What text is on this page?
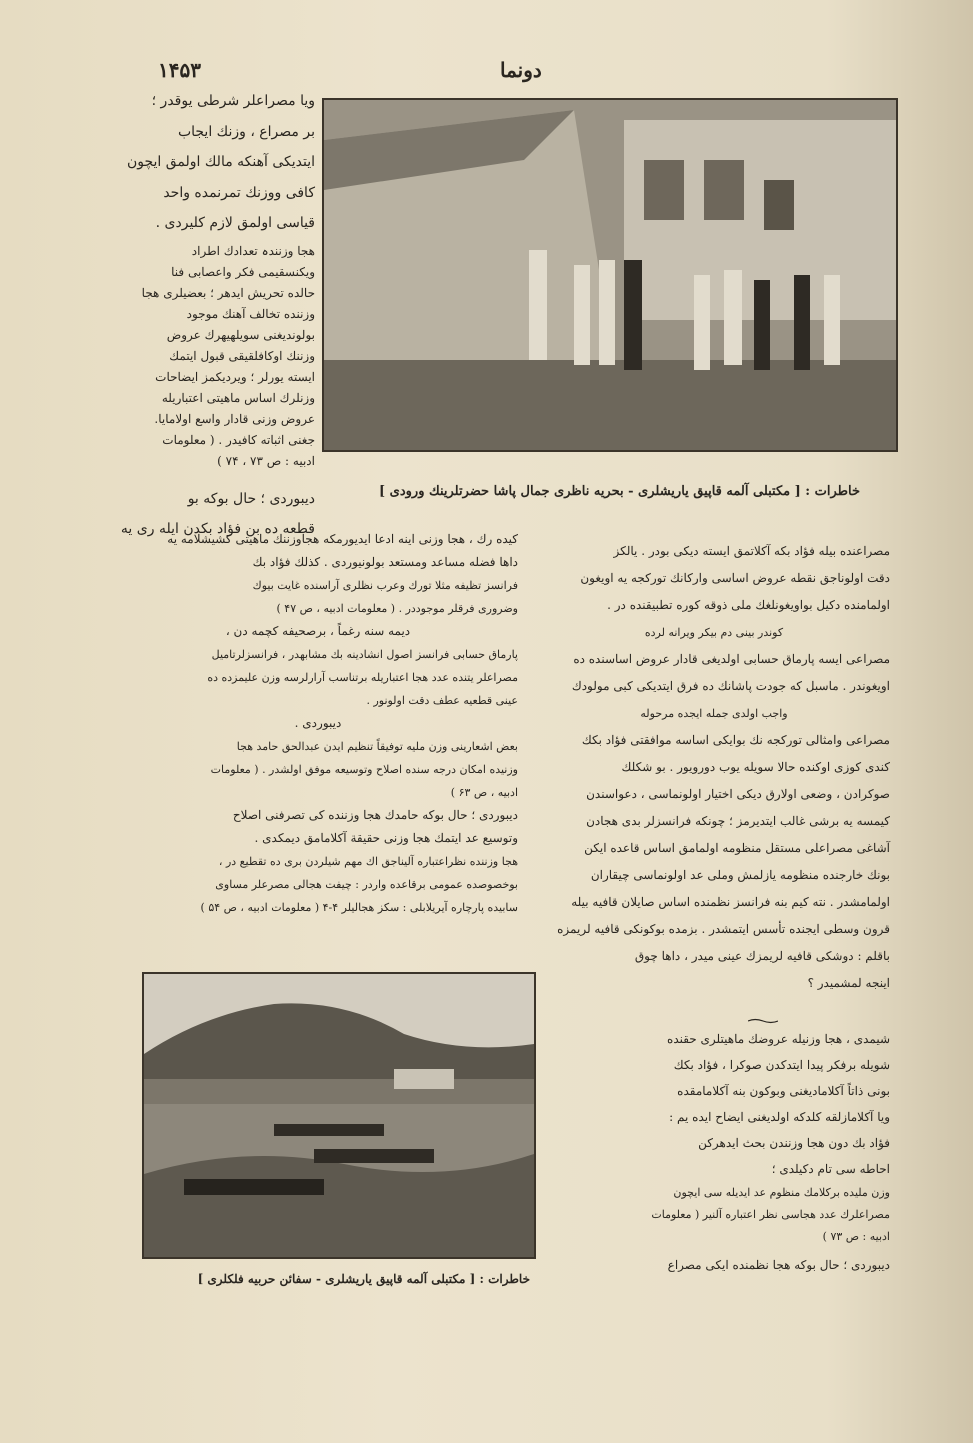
۱۴۵۳	دونما

ویا مصراعلر شرطی یوقدر ؛

بر مصراع ، وزنك ایجاب

ایتدیکی آهنکه مالك اولمق ایچون

کافی ووزنك تمرنمده واحد

قیاسی اولمق لازم کلیردی .

هجا وزنندہ تعدادك اطراد

ویکنسقیمی فکر واعصابی فنا

حالده تحریش ایدهر ؛ بعضیلری هجا

وزننده تخالف آهنك موجود

بولوندیغنی سویلهیهرك عروض

وزننك اوکافلقیقی قبول ایتمك

ایسته یورلر ؛ ویردیکمز ایضاحات

وزنلرك اساس ماهیتی اعتباریله

عروض وزنی قادار واسع اولامایا.

جغنی اثباته کافیدر . ( معلومات

ادبیه : ص ۷۳ ، ۷۴ )

دیبوردی ؛ حال بوکه بو

قطعه ده بن فؤاد بکدن ایله ری یه

خاطرات : [ مکتبلی آلمه قاپیق یاریشلری - بحریه ناظری جمال پاشا حضرتلرینك ورودی ]

کیده رك ، هجا وزنی اینه ادعا ایدیورمکه هجاوزننك ماهیتی کشیشلامه یه

داها فضله مساعد ومستعد بولونیوردی . کذلك فؤاد بك

فرانسز تظیفه مثلا تورك وعرب نظلری آراسنده غایت بیوك

وضروری فرقلر موجوددر . ( معلومات ادبیه ، ص ۴۷ )

دیمه سنه رغماً ، برصحیفه کچمه دن ،

پارماق حسابی فرانسز اصول انشادینه بك مشابهدر ، فرانسزلرتامیل

مصراعلر یتنده عدد هجا اعتباریله برتناسب آرارلرسه وزن علیمزده ده

عینی قطعیه عطف دقت اولونور .

دیبوردی .

بعض اشعارینی وزن ملیه توفیقاً تنظیم ایدن عبدالحق حامد هجا

وزنیده امکان درجه سنده اصلاح وتوسیعه موفق اولشدر . ( معلومات

ادبیه ، ص ۶۳ )

دیبوردی ؛ حال بوکه حامدك هجا وزننده کی تصرفنی اصلاح

وتوسیع عد ایتمك هجا وزنی حقیقة آکلامامق دیمکدی .

هجا وزننده نظراعتباره آلیناجق اك مهم شیلردن بری ده تقطیع در ،

بوخصوصده عمومی برقاعده واردر : چیفت هجالی مصرعلر مساوی

سابیده پارچاره آیریلابلی : سکز هجالیلر ۴-۴ ( معلومات ادبیه ، ص ۵۴ )

مصراعنده بیله فؤاد بکه آکلاتمق ایسته دیکی بودر . یالکز

دقت اولوناجق نقطه عروض اساسی وارکانك تورکجه یه اویغون

اولمامنده دکیل بواویغونلغك ملی ذوقه کوره تطبیقنده در .

کوندر بینی دم بیکر ویرانه لرده

مصراعی ایسه پارماق حسابی اولدیغی قادار عروض اساسنده ده

اویغوندر . ماسبل که جودت پاشانك ده فرق ایتدیکی کبی مولودك

واجب اولدی جمله ایجده مرحوله

مصراعی وامثالی تورکجه نك بوایکی اساسه موافقتی فؤاد بکك

کندی کوزی اوکنده حالا سویله یوب دورویور . بو شکلك

صوکرادن ، وضعی اولارق دیکی اختیار اولونماسی ، دعواسندن

کیمسه یه برشی غالب ایتدیرمز ؛ چونکه فرانسزلر بدی هجادن

آشاغی مصراعلی مستقل منظومه اولمامق اساس قاعده ایکن

بونك خارجنده منظومه یازلمش وملی عد اولونماسی چیقاران

اولمامشدر . نته کیم بنه فرانسز نظمنده اساس صایلان قافیه بیله

قرون وسطی ایجنده تأسس ایتمشدر . بزمده بوکونکی قافیه لریمزه

باقلم : دوشکی قافیه لریمزك عینی میدر ، داها چوق

اینجه لمشمیدر ؟

شیمدی ، هجا وزنیله عروضك ماهیتلری حقنده

شویله برفکر پیدا ایتدکدن صوکرا ، فؤاد بکك

بونی ذاتاً آکلامادیغنی وبوکون بنه آکلامامقده

ویا آکلامازلقه کلدکه اولدیغنی ایضاح ایده یم :

فؤاد بك دون هجا وزنندن بحث ایدهرکن

احاطه سی تام دکیلدی ؛

وزن ملیده برکلامك منظوم عد ایدیله سی ایچون

مصراعلرك عدد هجاسی نظر اعتباره آلنیر ( معلومات

ادبیه : ص ۷۳ )

دیبوردی ؛ حال بوکه هجا نظمنده ایکی مصراع

خاطرات : [ مکتبلی آلمه قاپیق یاریشلری - سفائن حربیه فلکلری ]
